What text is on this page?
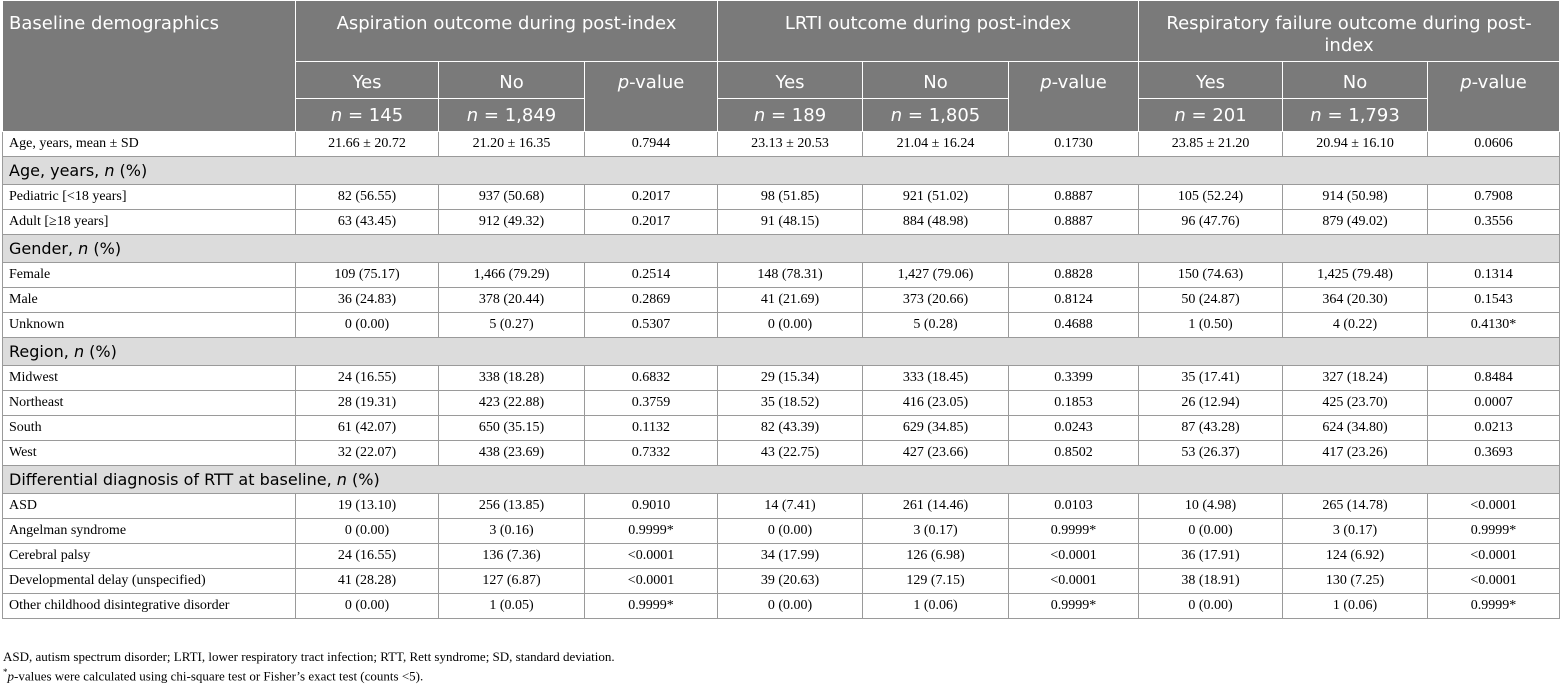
Baseline demographics	Aspiration outcome during post-index			LRTI outcome during post-index			Respiratory failure outcome during post-index		
	Yes	No	p-value	Yes	No	p-value	Yes	No	p-value
	n = 145	n = 1,849		n = 189	n = 1,805		n = 201	n = 1,793	
Age, years, mean ± SD	21.66 ± 20.72	21.20 ± 16.35	0.7944	23.13 ± 20.53	21.04 ± 16.24	0.1730	23.85 ± 21.20	20.94 ± 16.10	0.0606
Age, years, n (%)									
Pediatric [<18 years]	82 (56.55)	937 (50.68)	0.2017	98 (51.85)	921 (51.02)	0.8887	105 (52.24)	914 (50.98)	0.7908
Adult [≥18 years]	63 (43.45)	912 (49.32)	0.2017	91 (48.15)	884 (48.98)	0.8887	96 (47.76)	879 (49.02)	0.3556
Gender, n (%)									
Female	109 (75.17)	1,466 (79.29)	0.2514	148 (78.31)	1,427 (79.06)	0.8828	150 (74.63)	1,425 (79.48)	0.1314
Male	36 (24.83)	378 (20.44)	0.2869	41 (21.69)	373 (20.66)	0.8124	50 (24.87)	364 (20.30)	0.1543
Unknown	0 (0.00)	5 (0.27)	0.5307	0 (0.00)	5 (0.28)	0.4688	1 (0.50)	4 (0.22)	0.4130*
Region, n (%)									
Midwest	24 (16.55)	338 (18.28)	0.6832	29 (15.34)	333 (18.45)	0.3399	35 (17.41)	327 (18.24)	0.8484
Northeast	28 (19.31)	423 (22.88)	0.3759	35 (18.52)	416 (23.05)	0.1853	26 (12.94)	425 (23.70)	0.0007
South	61 (42.07)	650 (35.15)	0.1132	82 (43.39)	629 (34.85)	0.0243	87 (43.28)	624 (34.80)	0.0213
West	32 (22.07)	438 (23.69)	0.7332	43 (22.75)	427 (23.66)	0.8502	53 (26.37)	417 (23.26)	0.3693
Differential diagnosis of RTT at baseline, n (%)									
ASD	19 (13.10)	256 (13.85)	0.9010	14 (7.41)	261 (14.46)	0.0103	10 (4.98)	265 (14.78)	<0.0001
Angelman syndrome	0 (0.00)	3 (0.16)	0.9999*	0 (0.00)	3 (0.17)	0.9999*	0 (0.00)	3 (0.17)	0.9999*
Cerebral palsy	24 (16.55)	136 (7.36)	<0.0001	34 (17.99)	126 (6.98)	<0.0001	36 (17.91)	124 (6.92)	<0.0001
Developmental delay (unspecified)	41 (28.28)	127 (6.87)	<0.0001	39 (20.63)	129 (7.15)	<0.0001	38 (18.91)	130 (7.25)	<0.0001
Other childhood disintegrative disorder	0 (0.00)	1 (0.05)	0.9999*	0 (0.00)	1 (0.06)	0.9999*	0 (0.00)	1 (0.06)	0.9999*
ASD, autism spectrum disorder; LRTI, lower respiratory tract infection; RTT, Rett syndrome; SD, standard deviation.
*p-values were calculated using chi-square test or Fisher’s exact test (counts <5).
